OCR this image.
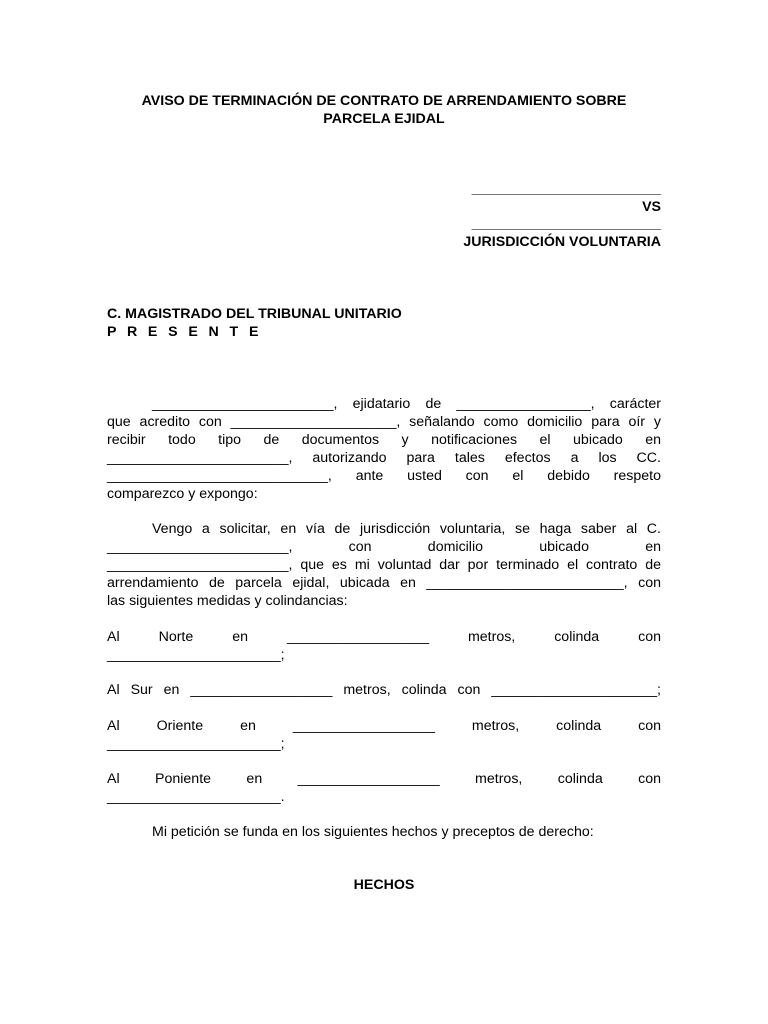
AVISO DE TERMINACIÓN DE CONTRATO DE ARRENDAMIENTO SOBRE
PARCELA EJIDAL
________________________
VS
________________________
JURISDICCIÓN VOLUNTARIA
C. MAGISTRADO DEL TRIBUNAL UNITARIO
P R E S E N T E
_______________________, ejidatario de _________________, carácter
que acredito con _____________________, señalando como domicilio para oír y
recibir todo tipo de documentos y notificaciones el ubicado en
_______________________, autorizando para tales efectos a los CC.
____________________________, ante usted con el debido respeto
comparezco y expongo:
Vengo a solicitar, en vía de jurisdicción voluntaria, se haga saber al C.
_______________________, con domicilio ubicado en
_______________________, que es mi voluntad dar por terminado el contrato de
arrendamiento de parcela ejidal, ubicada en _________________________, con
las siguientes medidas y colindancias:
Al Norte en __________________ metros, colinda con
______________________;
Al Sur en __________________ metros, colinda con _____________________;
Al Oriente en __________________ metros, colinda con
______________________;
Al Poniente en __________________ metros, colinda con
______________________.
Mi petición se funda en los siguientes hechos y preceptos de derecho:
HECHOS
